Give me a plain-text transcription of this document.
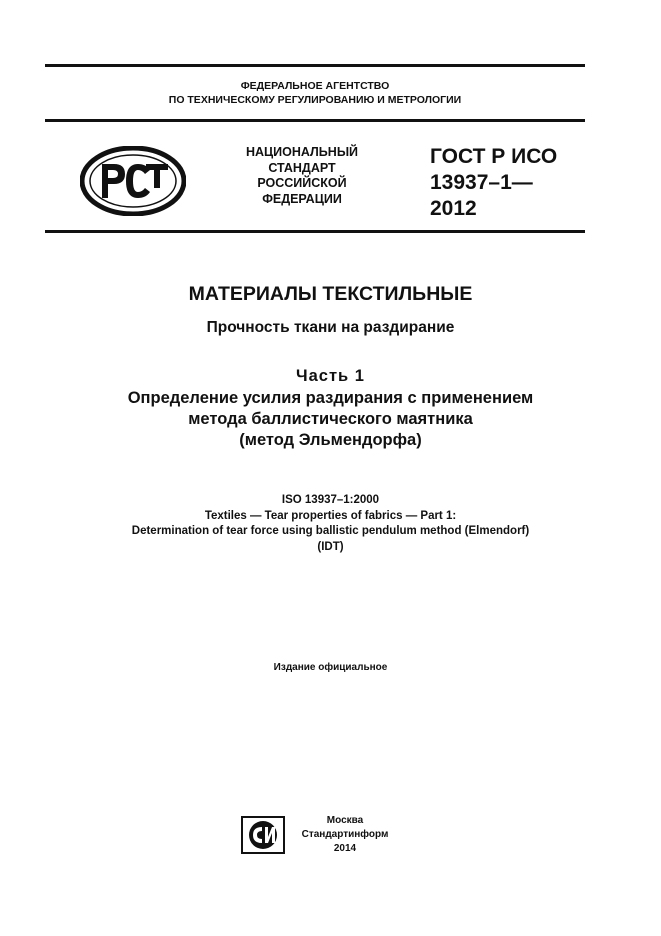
ФЕДЕРАЛЬНОЕ АГЕНТСТВО
ПО ТЕХНИЧЕСКОМУ РЕГУЛИРОВАНИЮ И МЕТРОЛОГИИ
НАЦИОНАЛЬНЫЙ
СТАНДАРТ
РОССИЙСКОЙ
ФЕДЕРАЦИИ
ГОСТ Р ИСО
13937–1—
2012
МАТЕРИАЛЫ ТЕКСТИЛЬНЫЕ
Прочность ткани на раздирание
Часть 1
Определение усилия раздирания с применением
метода баллистического маятника
(метод Эльмендорфа)
ISO 13937–1:2000
Textiles — Tear properties of fabrics — Part 1:
Determination of tear force using ballistic pendulum method (Elmendorf)
(IDT)
Издание официальное
Москва
Стандартинформ
2014
